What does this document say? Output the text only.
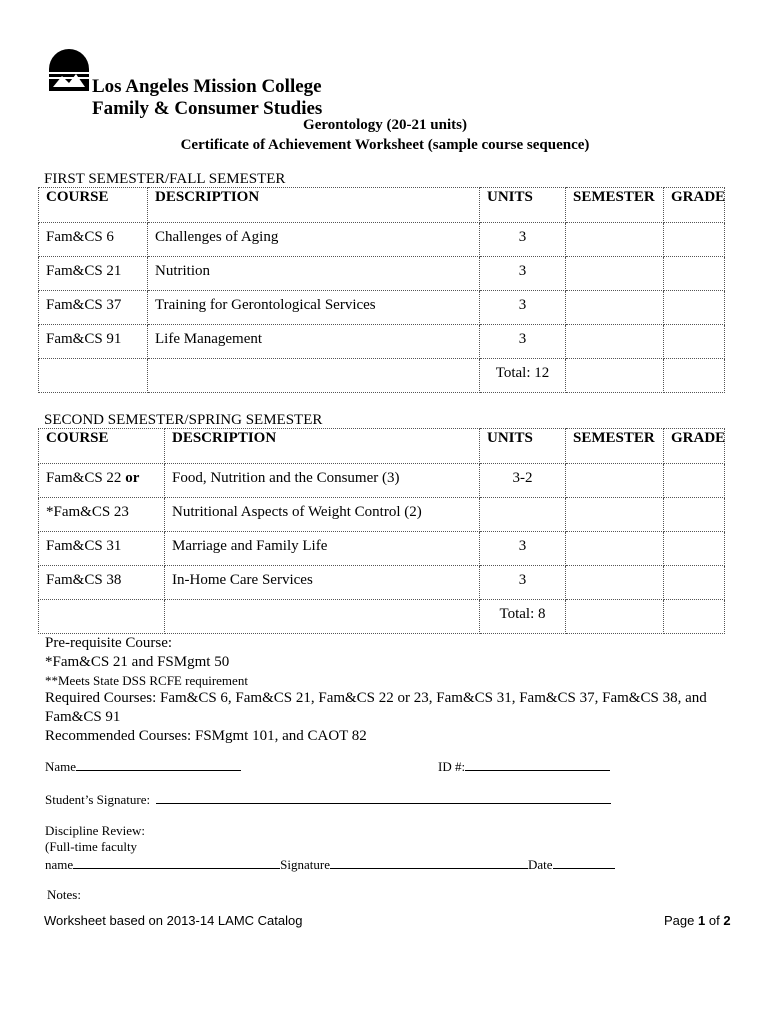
Los Angeles Mission College
Family & Consumer Studies
Gerontology (20-21 units)
Certificate of Achievement Worksheet (sample course sequence)
FIRST SEMESTER/FALL SEMESTER
COURSE	DESCRIPTION	UNITS	SEMESTER	GRADE
Fam&CS 6	Challenges of Aging	3		
Fam&CS 21	Nutrition	3		
Fam&CS 37	Training for Gerontological Services	3		
Fam&CS 91	Life Management	3		
		Total: 12		
SECOND SEMESTER/SPRING SEMESTER
COURSE	DESCRIPTION	UNITS	SEMESTER	GRADE
Fam&CS 22 or	Food, Nutrition and the Consumer (3)	3-2		
*Fam&CS 23	Nutritional Aspects of Weight Control (2)			
Fam&CS 31	Marriage and Family Life	3		
Fam&CS 38	In-Home Care Services	3		
		Total: 8		
Pre-requisite Course:
*Fam&CS 21 and FSMgmt 50
**Meets State DSS RCFE requirement
Required Courses: Fam&CS 6, Fam&CS 21, Fam&CS 22 or 23, Fam&CS 31, Fam&CS 37, Fam&CS 38, and
Fam&CS 91
Recommended Courses: FSMgmt 101, and CAOT 82
Name	ID #:
Student’s Signature:
Discipline Review:
(Full-time faculty
name	Signature	Date
Notes:
Worksheet based on 2013-14 LAMC Catalog	Page 1 of 2
